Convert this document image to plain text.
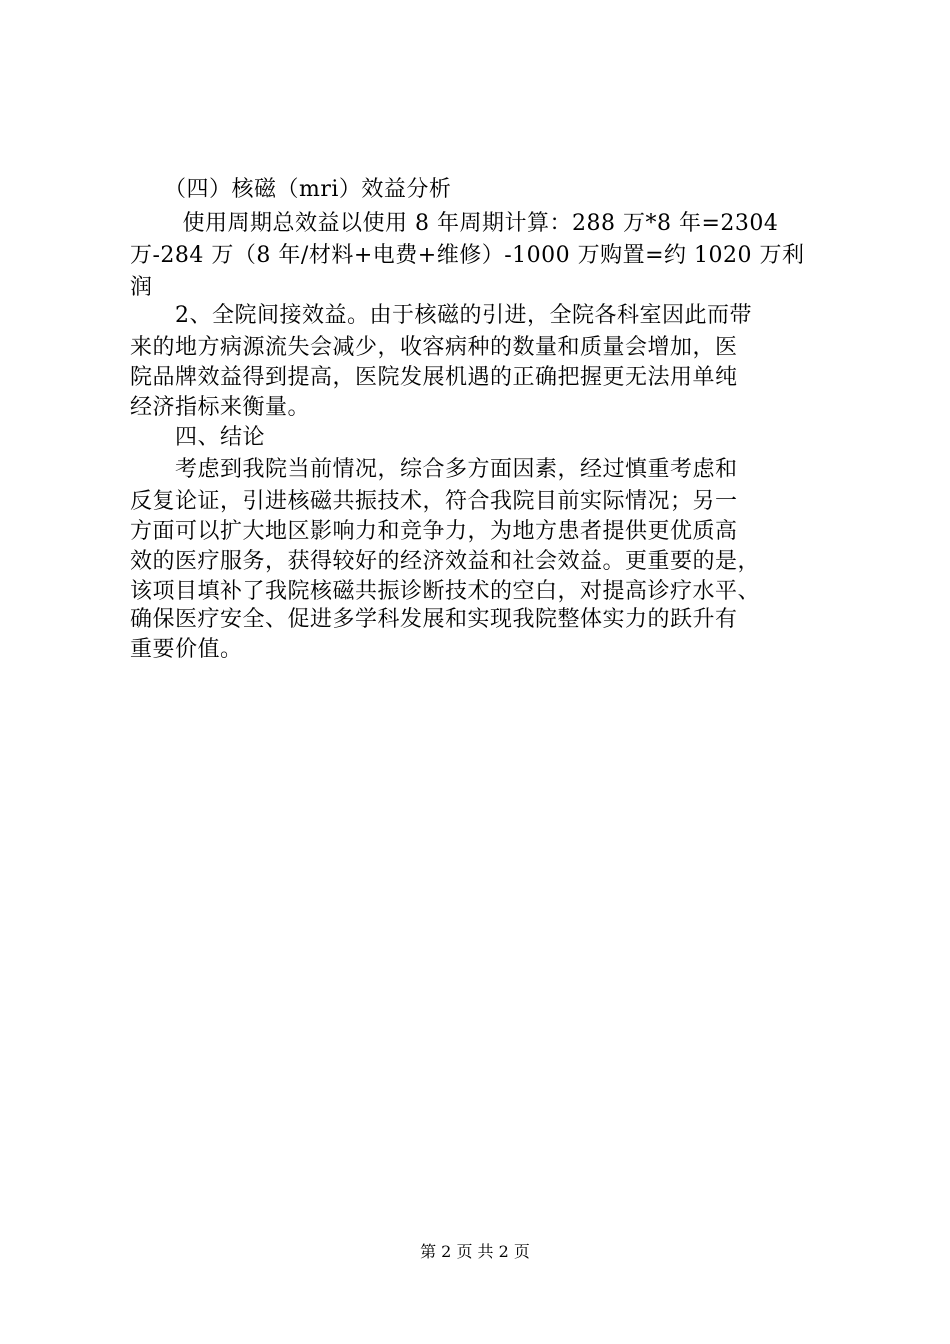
　　（四）核磁（mri）效益分析
　　 使用周期总效益以使用 8 年周期计算：288 万*8 年=2304
万-284 万（8 年/材料+电费+维修）-1000 万购置=约 1020 万利
润
　　2、全院间接效益。由于核磁的引进，全院各科室因此而带
来的地方病源流失会减少，收容病种的数量和质量会增加，医
院品牌效益得到提高，医院发展机遇的正确把握更无法用单纯
经济指标来衡量。
　　四、结论
　　考虑到我院当前情况，综合多方面因素，经过慎重考虑和
反复论证，引进核磁共振技术，符合我院目前实际情况；另一
方面可以扩大地区影响力和竞争力，为地方患者提供更优质高
效的医疗服务，获得较好的经济效益和社会效益。更重要的是，
该项目填补了我院核磁共振诊断技术的空白，对提高诊疗水平、
确保医疗安全、促进多学科发展和实现我院整体实力的跃升有
重要价值。
第 2 页 共 2 页
